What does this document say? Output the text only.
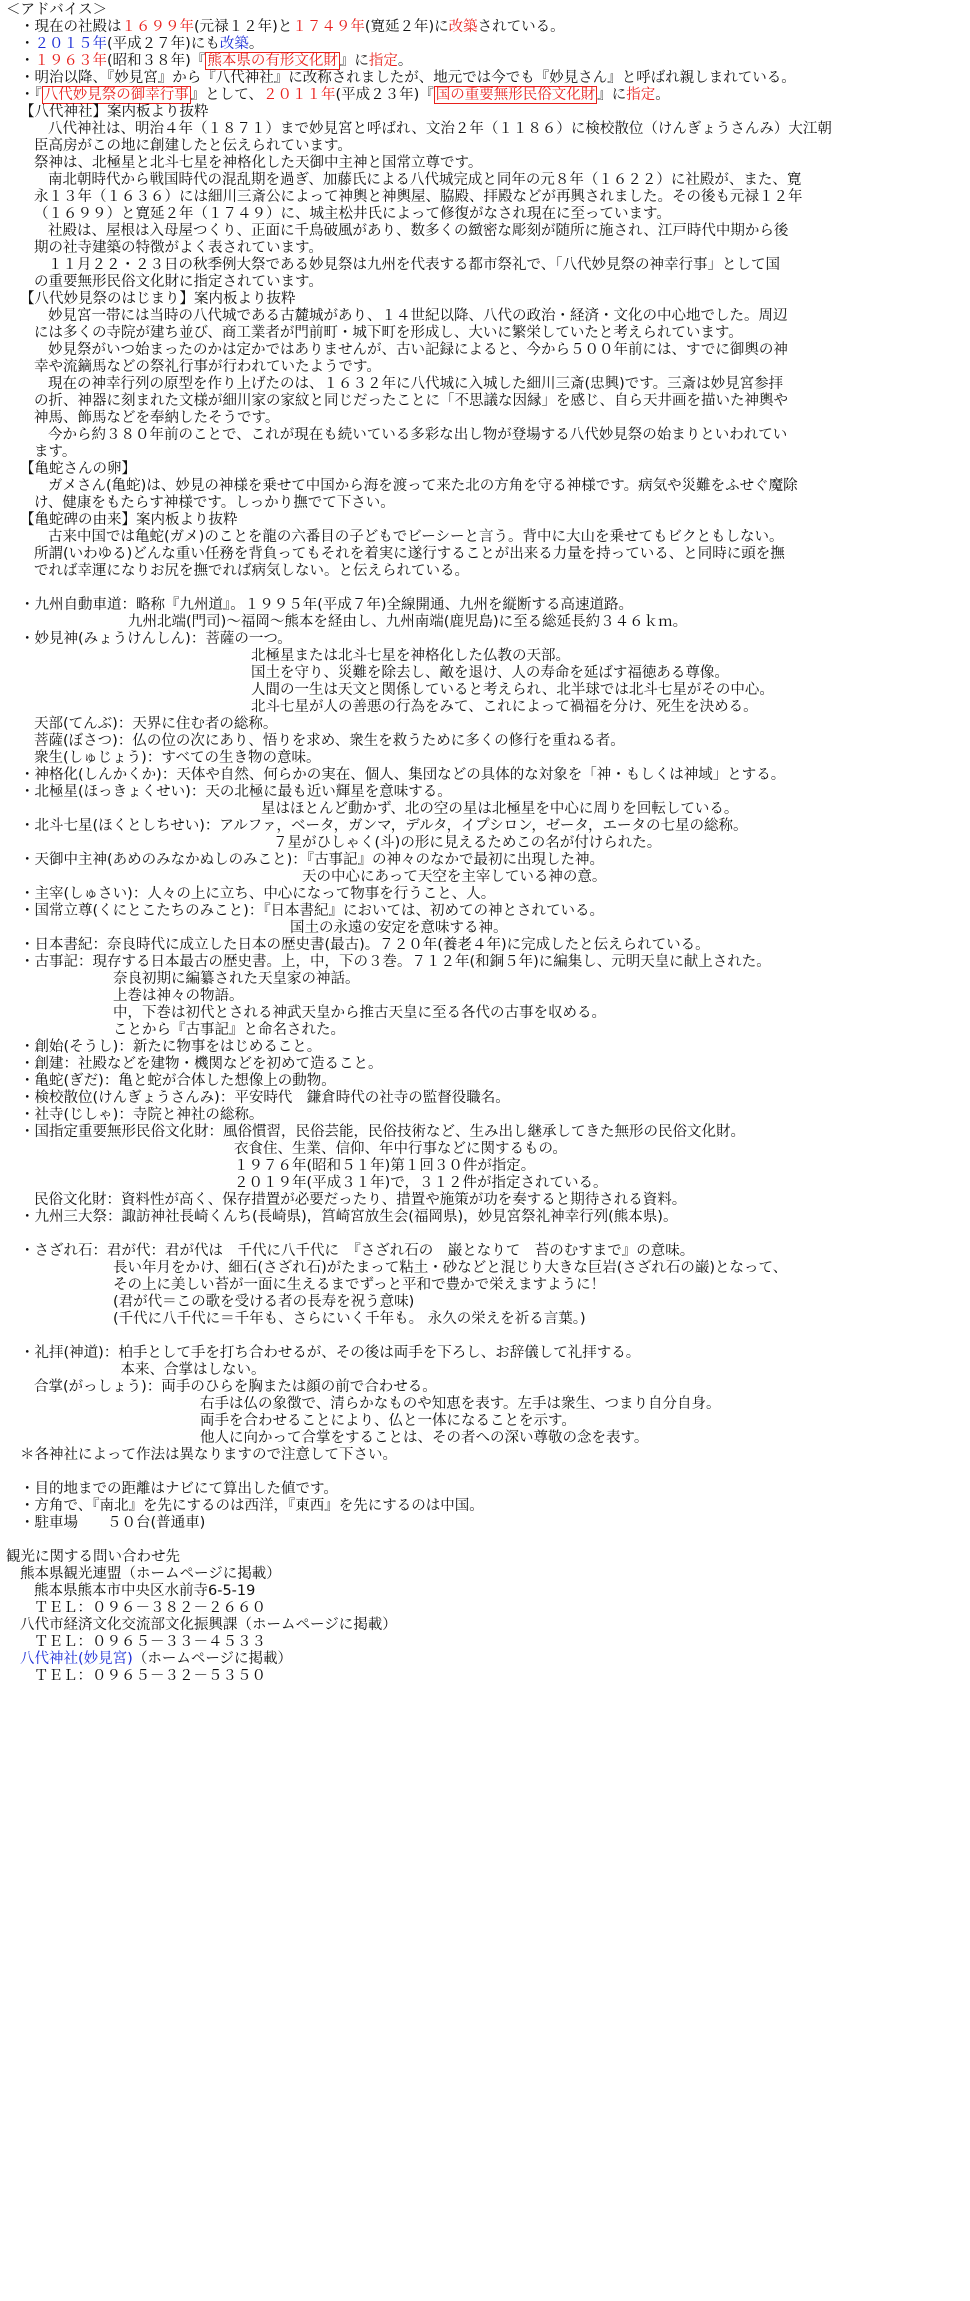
＜アドバイス＞
・現在の社殿は１６９９年(元禄１２年)と１７４９年(寛延２年)に改築されている。
・２０１５年(平成２７年)にも改築。
・１９６３年(昭和３８年)『 熊本県の有形文化財 』に指定。
・明治以降、『妙見宮』から『八代神社』に改称されましたが、地元では今でも『妙見さん』と呼ばれ親しまれている。
・『 八代妙見祭の御幸行事 』として、２０１１年(平成２３年)『 国の重要無形民俗文化財 』に指定。
【八代神社】案内板より抜粋
八代神社は、明治４年（１８７１）まで妙見宮と呼ばれ、文治２年（１１８６）に検校散位（けんぎょうさんみ）大江朝
臣高房がこの地に創建したと伝えられています。
祭神は、北極星と北斗七星を神格化した天御中主神と国常立尊です。
南北朝時代から戦国時代の混乱期を過ぎ、加藤氏による八代城完成と同年の元８年（１６２２）に社殿が、また、寛
永１３年（１６３６）には細川三斎公によって神輿と神輿屋、脇殿、拝殿などが再興されました。その後も元禄１２年
（１６９９）と寛延２年（１７４９）に、城主松井氏によって修復がなされ現在に至っています。
社殿は、屋根は入母屋つくり、正面に千鳥破風があり、数多くの緻密な彫刻が随所に施され、江戸時代中期から後
期の社寺建築の特徴がよく表されています。
１１月２２・２３日の秋季例大祭である妙見祭は九州を代表する都市祭礼で、「八代妙見祭の神幸行事」として国
の重要無形民俗文化財に指定されています。
【八代妙見祭のはじまり】案内板より抜粋
妙見宮一帯には当時の八代城である古麓城があり、１４世紀以降、八代の政治・経済・文化の中心地でした。周辺
には多くの寺院が建ち並び、商工業者が門前町・城下町を形成し、大いに繁栄していたと考えられています。
妙見祭がいつ始まったのかは定かではありませんが、古い記録によると、今から５００年前には、すでに御輿の神
幸や流鏑馬などの祭礼行事が行われていたようです。
現在の神幸行列の原型を作り上げたのは、１６３２年に八代城に入城した細川三斎(忠興)です。三斎は妙見宮参拝
の折、神器に刻まれた文様が細川家の家紋と同じだったことに「不思議な因縁」を感じ、自ら天井画を描いた神輿や
神馬、飾馬などを奉納したそうです。
今から約３８０年前のことで、これが現在も続いている多彩な出し物が登場する八代妙見祭の始まりといわれてい
ます。
【亀蛇さんの卵】
ガメさん(亀蛇)は、妙見の神様を乗せて中国から海を渡って来た北の方角を守る神様です。病気や災難をふせぐ魔除
け、健康をもたらす神様です。しっかり撫でて下さい。
【亀蛇碑の由来】案内板より抜粋
古来中国では亀蛇(ガメ)のことを龍の六番目の子どもでビーシーと言う。背中に大山を乗せてもビクともしない。
所謂(いわゆる)どんな重い任務を背負ってもそれを着実に遂行することが出来る力量を持っている、と同時に頭を撫
でれば幸運になりお尻を撫でれば病気しない。と伝えられている。
・九州自動車道：略称『九州道』。１９９５年(平成７年)全線開通、九州を縦断する高速道路。
九州北端(門司)～福岡～熊本を経由し、九州南端(鹿児島)に至る総延長約３４６ｋｍ。
・妙見神(みょうけんしん)：菩薩の一つ。
北極星または北斗七星を神格化した仏教の天部。
国土を守り、災難を除去し、敵を退け、人の寿命を延ばす福徳ある尊像。
人間の一生は天文と関係していると考えられ、北半球では北斗七星がその中心。
北斗七星が人の善悪の行為をみて、これによって禍福を分け、死生を決める。
天部(てんぶ)：天界に住む者の総称。
菩薩(ぼさつ)：仏の位の次にあり、悟りを求め、衆生を救うために多くの修行を重ねる者。
衆生(しゅじょう)：すべての生き物の意味。
・神格化(しんかくか)：天体や自然、何らかの実在、個人、集団などの具体的な対象を「神・もしくは神域」とする。
・北極星(ほっきょくせい)：天の北極に最も近い輝星を意味する。
星はほとんど動かず、北の空の星は北極星を中心に周りを回転している。
・北斗七星(ほくとしちせい)：アルファ，ベータ，ガンマ，デルタ，イプシロン，ゼータ，エータの七星の総称。
７星がひしゃく(斗)の形に見えるためこの名が付けられた。
・天御中主神(あめのみなかぬしのみこと)：『古事記』の神々のなかで最初に出現した神。
天の中心にあって天空を主宰している神の意。
・主宰(しゅさい)：人々の上に立ち、中心になって物事を行うこと、人。
・国常立尊(くにとこたちのみこと)：『日本書紀』においては、初めての神とされている。
国土の永遠の安定を意味する神。
・日本書紀：奈良時代に成立した日本の歴史書(最古)。７２０年(養老４年)に完成したと伝えられている。
・古事記：現存する日本最古の歴史書。上，中，下の３巻。７１２年(和銅５年)に編集し、元明天皇に献上された。
奈良初期に編纂された天皇家の神話。
上巻は神々の物語。
中，下巻は初代とされる神武天皇から推古天皇に至る各代の古事を収める。
ことから『古事記』と命名された。
・創始(そうし)：新たに物事をはじめること。
・創建：社殿などを建物・機関などを初めて造ること。
・亀蛇(ぎだ)：亀と蛇が合体した想像上の動物。
・検校散位(けんぎょうさんみ)：平安時代　鎌倉時代の社寺の監督役職名。
・社寺(じしゃ)：寺院と神社の総称。
・国指定重要無形民俗文化財：風俗慣習，民俗芸能，民俗技術など、生み出し継承してきた無形の民俗文化財。
衣食住、生業、信仰、年中行事などに関するもの。
１９７６年(昭和５１年)第１回３０件が指定。
２０１９年(平成３１年)で，３１２件が指定されている。
民俗文化財：資料性が高く、保存措置が必要だったり、措置や施策が功を奏すると期待される資料。
・九州三大祭：諏訪神社長崎くんち(長崎県)，筥崎宮放生会(福岡県)，妙見宮祭礼神幸行列(熊本県)。
・さざれ石：君が代：君が代は　千代に八千代に　『さざれ石の　巌となりて　苔のむすまで』の意味。
長い年月をかけ、細石(さざれ石)がたまって粘土・砂などと混じり大きな巨岩(さざれ石の巌)となって、
その上に美しい苔が一面に生えるまでずっと平和で豊かで栄えますように！
(君が代＝この歌を受ける者の長寿を祝う意味)
(千代に八千代に＝千年も、さらにいく千年も。 永久の栄えを祈る言葉。)
・礼拝(神道)：柏手として手を打ち合わせるが、その後は両手を下ろし、お辞儀して礼拝する。
　　　　　本来、合掌はしない。
合掌(がっしょう)：両手のひらを胸または顔の前で合わせる。
右手は仏の象徴で、清らかなものや知恵を表す。左手は衆生、つまり自分自身。
両手を合わせることにより、仏と一体になることを示す。
他人に向かって合掌をすることは、その者への深い尊敬の念を表す。
＊各神社によって作法は異なりますので注意して下さい。
・目的地までの距離はナビにて算出した値です。
・方角で、『南北』を先にするのは西洋，『東西』を先にするのは中国。
・駐車場　　５０台(普通車)
観光に関する問い合わせ先
熊本県観光連盟（ホームページに掲載）
熊本県熊本市中央区水前寺6-5-19
ＴＥＬ：０９６－３８２－２６６０
八代市経済文化交流部文化振興課（ホームページに掲載）
ＴＥＬ：０９６５－３３－４５３３
八代神社(妙見宮)（ホームページに掲載）
ＴＥＬ：０９６５－３２－５３５０
